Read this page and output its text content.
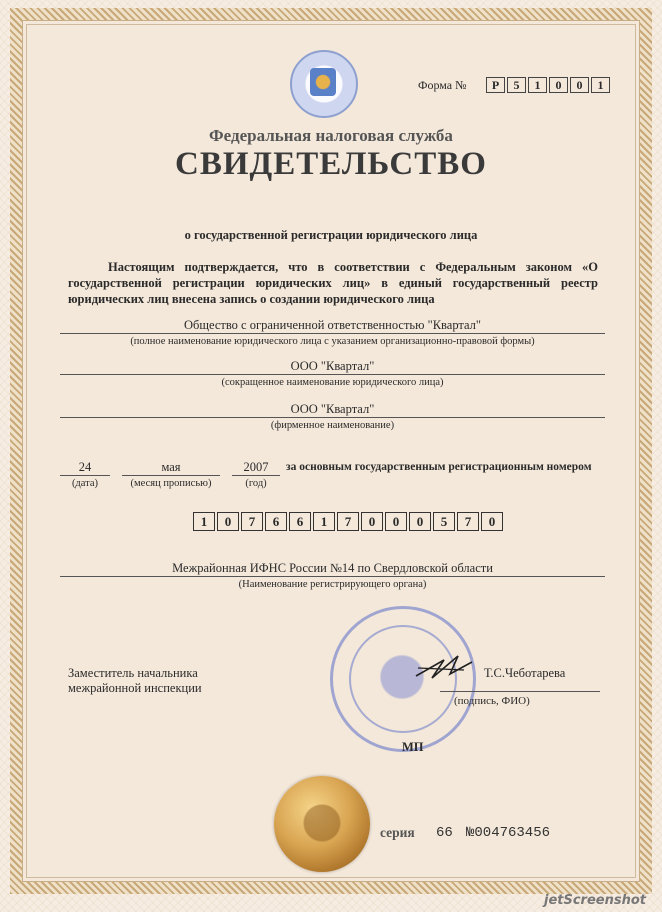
Форма №	Р	5	1	0	0	1
Федеральная налоговая служба
СВИДЕТЕЛЬСТВО
о государственной регистрации юридического лица
Настоящим подтверждается, что в соответствии с Федеральным законом «О государственной регистрации юридических лиц» в единый государственный реестр юридических лиц внесена запись о создании юридического лица
Общество с ограниченной ответственностью "Квартал"
(полное наименование юридического лица с указанием организационно-правовой формы)
ООО "Квартал"
(сокращенное наименование юридического лица)
ООО "Квартал"
(фирменное наименование)
24
(дата)
мая
(месяц прописью)
2007
(год)
за основным государственным регистрационным номером
1	0	7	6	6	1	7	0	0	0	5	7	0
Межрайонная ИФНС России №14 по Свердловской области
(Наименование регистрирующего органа)
Заместитель начальника
межрайонной инспекции
Т.С.Чеботарева
(подпись, ФИО)
МП
серия 66 №004763456
jetScreenshot
